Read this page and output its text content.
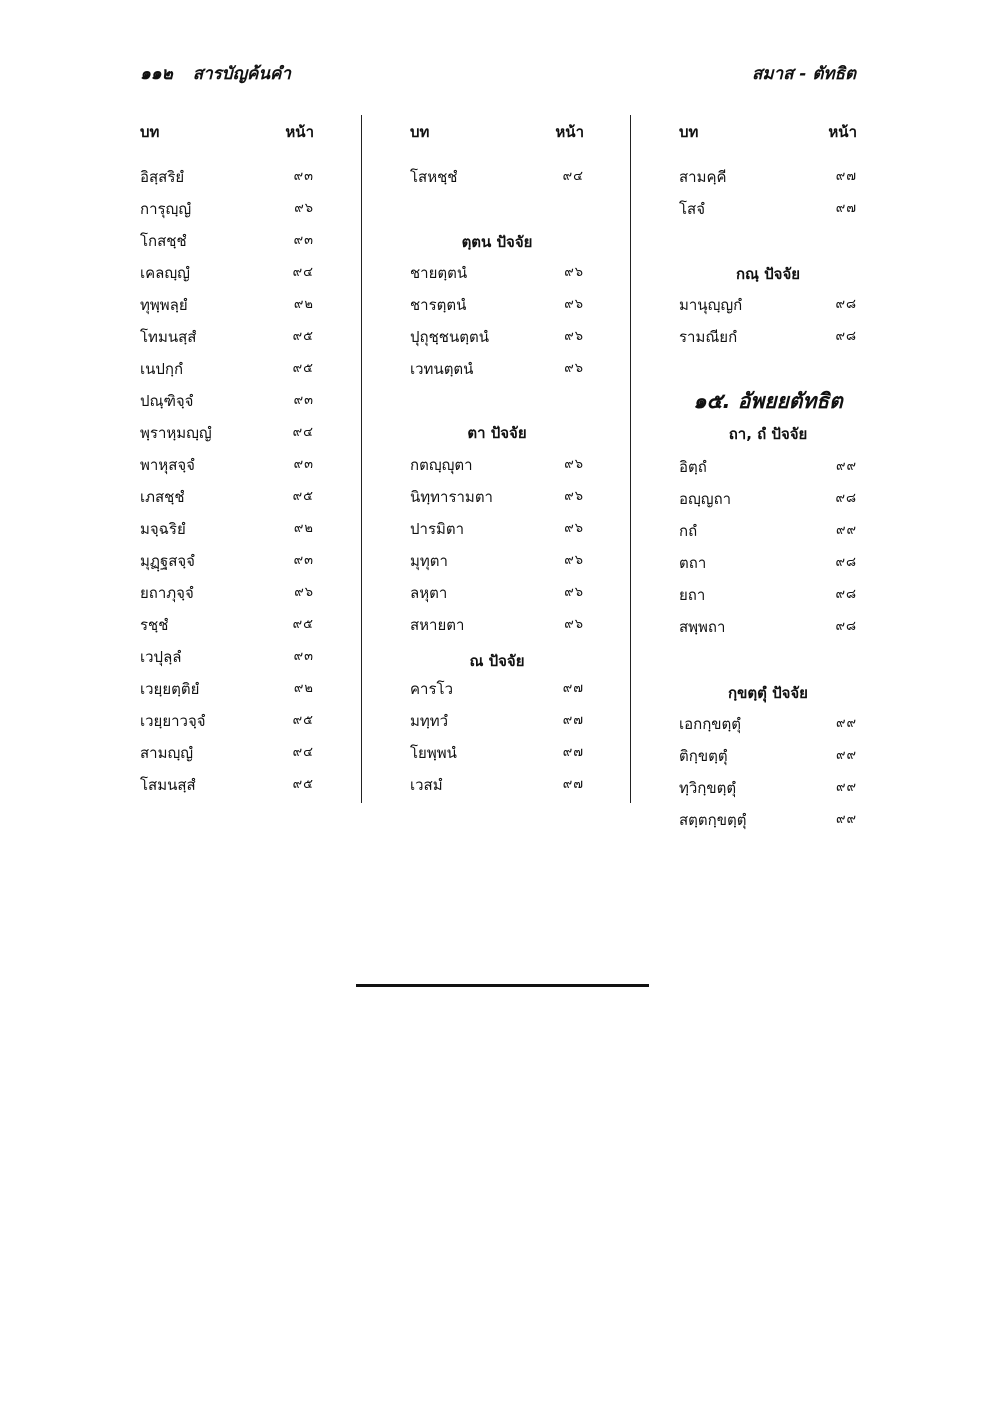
๑๑๒ สารบัญค้นคำ	สมาส - ตัทธิต
บท	หน้า
อิสฺสริยํ	๙๓
การุญฺญํ	๙๖
โกสชฺชํ	๙๓
เคลญฺญํ	๙๔
ทุพฺพลฺยํ	๙๒
โทมนสฺสํ	๙๕
เนปกฺกํ	๙๕
ปณฺฑิจฺจํ	๙๓
พฺราหฺมญฺญํ	๙๔
พาหุสจฺจํ	๙๓
เภสชฺชํ	๙๕
มจฺฉริยํ	๙๒
มุฏฺฐสจฺจํ	๙๓
ยถาภุจฺจํ	๙๖
รชฺชํ	๙๕
เวปุลฺลํ	๙๓
เวยฺยตฺติยํ	๙๒
เวยฺยาวจฺจํ	๙๕
สามญฺญํ	๙๔
โสมนสฺสํ	๙๕
บท	หน้า
โสหชฺชํ	๙๔
ตฺตน ปัจจัย
ชายตฺตนํ	๙๖
ชารตฺตนํ	๙๖
ปุถุชฺชนตฺตนํ	๙๖
เวทนตฺตนํ	๙๖
ตา ปัจจัย
กตญฺญุตา	๙๖
นิทฺทารามตา	๙๖
ปารมิตา	๙๖
มุทุตา	๙๖
ลหุตา	๙๖
สหายตา	๙๖
ณ ปัจจัย
คารโว	๙๗
มทฺทวํ	๙๗
โยพฺพนํ	๙๗
เวสมํ	๙๗
บท	หน้า
สามคฺคี	๙๗
โสจํ	๙๗
กณฺ ปัจจัย
มานุญฺญกํ	๙๘
รามณียกํ	๙๘
๑๕. อัพยยตัทธิต
ถา, ถํ ปัจจัย
อิตฺถํ	๙๙
อญฺญถา	๙๘
กถํ	๙๙
ตถา	๙๘
ยถา	๙๘
สพฺพถา	๙๘
กฺขตฺตุํ ปัจจัย
เอกกฺขตฺตุํ	๙๙
ติกฺขตฺตุํ	๙๙
ทฺวิกฺขตฺตุํ	๙๙
สตฺตกฺขตฺตุํ	๙๙
